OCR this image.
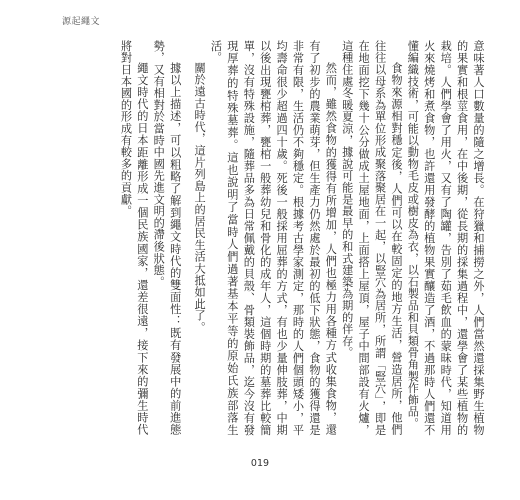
源起繩文

意味著人口數量的隨之增長。在狩獵和捕撈之外，人們當然還採集野生植物的果實和根莖食用，在中後期，從長期的採集過程中，還學會了某些植物的栽培。人們學會了用火，又有了陶罐，告別了茹毛飲血的蒙昧時代，知道用火來燒烤和煮食物，也許還用發酵的植物果實釀造了酒，不過那時人們還不懂編織技術，可能以動物毛皮或樹皮為衣，以石製品和貝類骨角製作飾品。

食物來源相對穩定後，人們可以在較固定的地方生活，營造居所，他們往往以母系為單位形成聚落聚居在一起，以豎穴為居所，所謂「豎穴」，即是在地面挖下幾十公分做成土屋地面，上面搭上屋頂，屋子中間部設有火爐，這種住處冬暖夏涼，據說可能是最早的和式建築為期的伴存。

然而，雖然食物的獲得有所增加，人們也極力用各種方式收集食物，還有了初步的農業萌芽，但生產力仍然處於最初的低下狀態，食物的獲得還是非常有限，生活仍不夠穩定。根據考古學家測定，那時的人們個頭矮小，平均壽命很少超過四十歲。死後一般採用屈葬的方式，有也少量伸肢葬，中期以後出現甕棺葬，甕棺一般葬幼兒和骨化的成年人，這個時期的墓葬比較簡單，沒有特殊設施，隨葬品多為日常佩戴的貝殼、骨類裝飾品，迄今沒有發現厚葬的特殊墓葬。這也說明了當時人們過著基本平等的原始氏族部落生活。

關於遠古時代，這片列島上的居民生活大抵如此了。

據以上描述，可以粗略了解到繩文時代的雙面性：既有發展中的前進態勢，又有相對於當時中國先進文明的滯後狀態。

繩文時代的日本距離形成一個民族國家，還差很遠，接下來的彌生時代將對日本國的形成有較多的貢獻。

019
